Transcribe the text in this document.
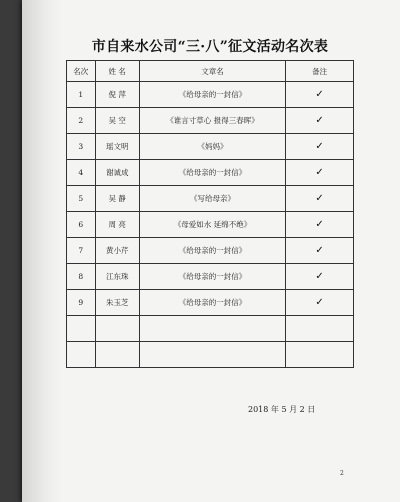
市自来水公司“三·八”征文活动名次表
名次	姓 名	文章名	备注
1	倪 萍	《给母亲的一封信》	✓
2	吴 空	《谁言寸草心 报得三春晖》	✓
3	瑶文明	《妈妈》	✓
4	谢诚成	《给母亲的一封信》	✓
5	吴 静	《写给母亲》	✓
6	周 亮	《母爱如水 延绵不绝》	✓
7	黄小芹	《给母亲的一封信》	✓
8	江东珠	《给母亲的一封信》	✓
9	朱玉芝	《给母亲的一封信》	✓

2018 年 5 月 2 日
2
